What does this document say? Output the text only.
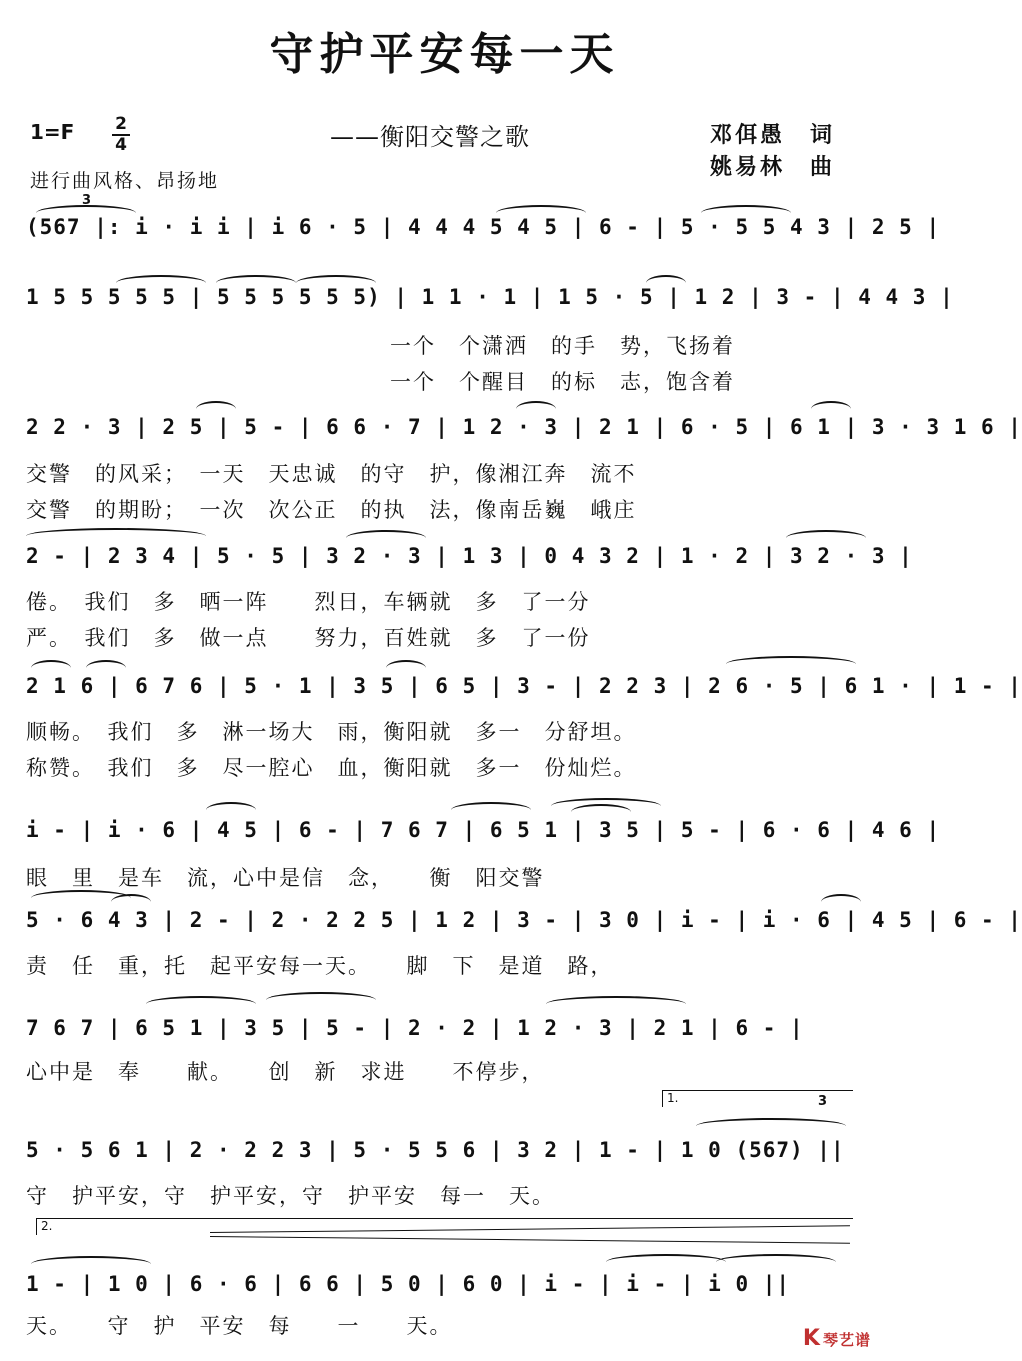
守护平安每一天
1=F 2
4	——衡阳交警之歌	邓佴愚　词
姚易林　曲
进行曲风格、昂扬地
3
(567 |: i · i i | i 6 · 5 | 4 4 4 5 4 5 | 6 - | 5 · 5 5 4 3 | 2 5 |
1 5 5 5 5 5 | 5 5 5 5 5 5) | 1 1 · 1 | 1 5 · 5 | 1 2 | 3 - | 4 4 3 |
一个　个潇洒　的手　势，飞扬着
一个　个醒目　的标　志，饱含着
2 2 · 3 | 2 5 | 5 - | 6 6 · 7 | 1 2 · 3 | 2 1 | 6 · 5 | 6 1 | 3 · 3 1 6 |
交警　的风采；　一天　天忠诚　的守　护，像湘江奔　流不
交警　的期盼；　一次　次公正　的执　法，像南岳巍　峨庄
2 - | 2 3 4 | 5 · 5 | 3 2 · 3 | 1 3 | 0 4 3 2 | 1 · 2 | 3 2 · 3 |
倦。　我们　多　晒一阵　　烈日，车辆就　多　了一分
严。　我们　多　做一点　　努力，百姓就　多　了一份
2 1 6 | 6 7 6 | 5 · 1 | 3 5 | 6 5 | 3 - | 2 2 3 | 2 6 · 5 | 6 1 · | 1 - |
顺畅。　我们　多　淋一场大　雨，衡阳就　多一　分舒坦。
称赞。　我们　多　尽一腔心　血，衡阳就　多一　份灿烂。
i - | i · 6 | 4 5 | 6 - | 7 6 7 | 6 5 1 | 3 5 | 5 - | 6 · 6 | 4 6 |
眼　里　是车　流，心中是信　念，　　衡　阳交警
5 · 6 4 3 | 2 - | 2 · 2 2 5 | 1 2 | 3 - | 3 0 | i - | i · 6 | 4 5 | 6 - |
责　任　重，托　起平安每一天。　　脚　下　是道　路，
7 6 7 | 6 5 1 | 3 5 | 5 - | 2 · 2 | 1 2 · 3 | 2 1 | 6 - |
心中是　奉　　献。　　创　新　求进　　不停步，
1.	3
5 · 5 6 1 | 2 · 2 2 3 | 5 · 5 5 6 | 3 2 | 1 - | 1 0 (567) ||
守　护平安，守　护平安，守　护平安　每一　天。
2.
1 - | 1 0 | 6 · 6 | 6 6 | 5 0 | 6 0 | i - | i - | i 0 ||
天。　　守　护　平安　每　　一　　天。	K 琴艺谱
